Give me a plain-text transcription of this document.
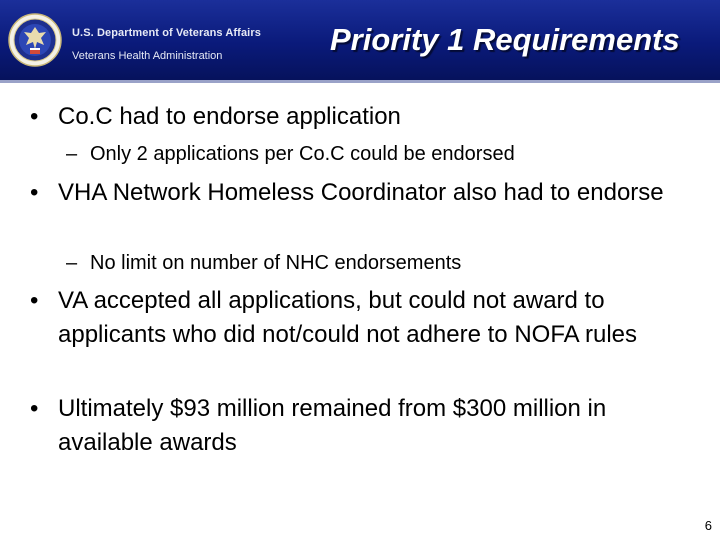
U.S. Department of Veterans Affairs
Veterans Health Administration	Priority 1 Requirements
• Co.C had to endorse application
– Only 2 applications per Co.C could be endorsed
• VHA Network Homeless Coordinator also had to endorse
– No limit on number of NHC endorsements
• VA accepted all applications, but could not award to applicants who did not/could not adhere to NOFA rules
• Ultimately $93 million remained from $300 million in available awards
6
